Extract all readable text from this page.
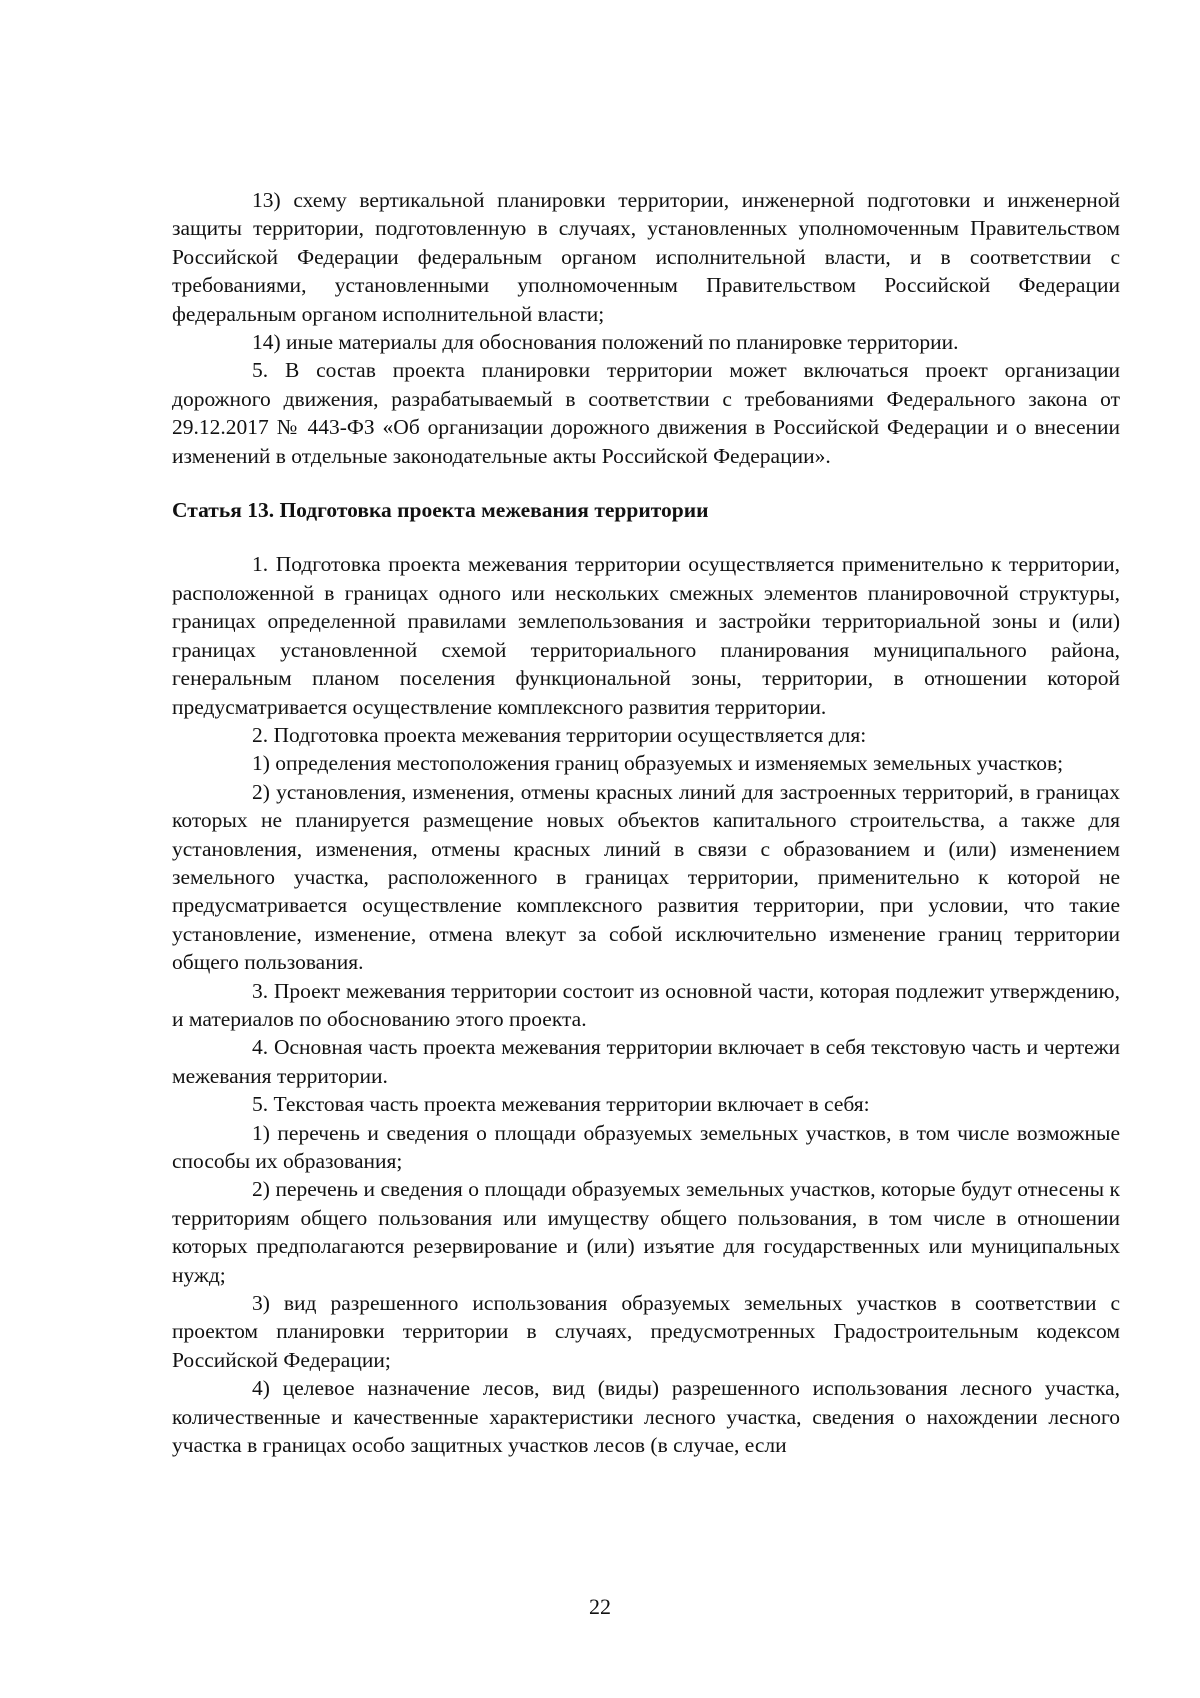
13) схему вертикальной планировки территории, инженерной подготовки и инженерной защиты территории, подготовленную в случаях, установленных уполномоченным Правительством Российской Федерации федеральным органом исполнительной власти, и в соответствии с требованиями, установленными уполномоченным Правительством Российской Федерации федеральным органом исполнительной власти;

14) иные материалы для обоснования положений по планировке территории.

5. В состав проекта планировки территории может включаться проект организации дорожного движения, разрабатываемый в соответствии с требованиями Федерального закона от 29.12.2017 № 443-ФЗ «Об организации дорожного движения в Российской Федерации и о внесении изменений в отдельные законодательные акты Российской Федерации».

Статья 13. Подготовка проекта межевания территории

1. Подготовка проекта межевания территории осуществляется применительно к территории, расположенной в границах одного или нескольких смежных элементов планировочной структуры, границах определенной правилами землепользования и застройки территориальной зоны и (или) границах установленной схемой территориального планирования муниципального района, генеральным планом поселения функциональной зоны, территории, в отношении которой предусматривается осуществление комплексного развития территории.

2. Подготовка проекта межевания территории осуществляется для:

1) определения местоположения границ образуемых и изменяемых земельных участков;

2) установления, изменения, отмены красных линий для застроенных территорий, в границах которых не планируется размещение новых объектов капитального строительства, а также для установления, изменения, отмены красных линий в связи с образованием и (или) изменением земельного участка, расположенного в границах территории, применительно к которой не предусматривается осуществление комплексного развития территории, при условии, что такие установление, изменение, отмена влекут за собой исключительно изменение границ территории общего пользования.

3. Проект межевания территории состоит из основной части, которая подлежит утверждению, и материалов по обоснованию этого проекта.

4. Основная часть проекта межевания территории включает в себя текстовую часть и чертежи межевания территории.

5. Текстовая часть проекта межевания территории включает в себя:

1) перечень и сведения о площади образуемых земельных участков, в том числе возможные способы их образования;

2) перечень и сведения о площади образуемых земельных участков, которые будут отнесены к территориям общего пользования или имуществу общего пользования, в том числе в отношении которых предполагаются резервирование и (или) изъятие для государственных или муниципальных нужд;

3) вид разрешенного использования образуемых земельных участков в соответствии с проектом планировки территории в случаях, предусмотренных Градостроительным кодексом Российской Федерации;

4) целевое назначение лесов, вид (виды) разрешенного использования лесного участка, количественные и качественные характеристики лесного участка, сведения о нахождении лесного участка в границах особо защитных участков лесов (в случае, если

22
